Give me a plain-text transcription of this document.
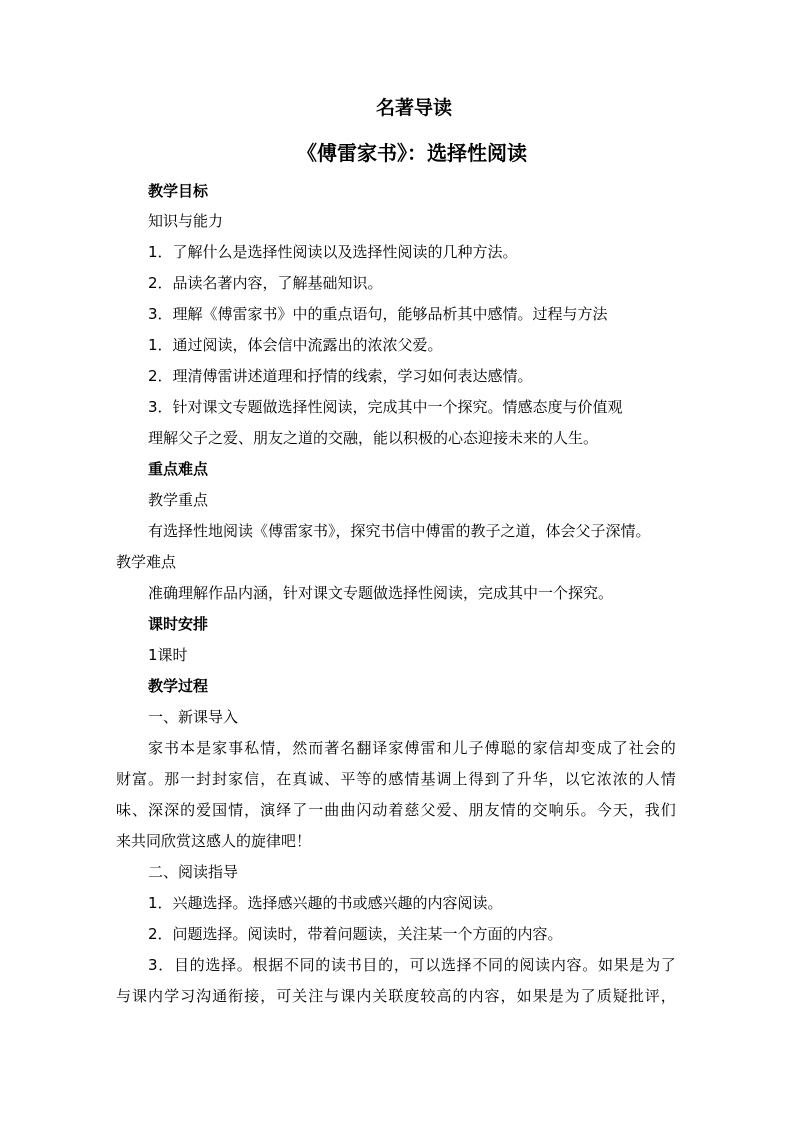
名著导读
《傅雷家书》：选择性阅读
教学目标
知识与能力
1．了解什么是选择性阅读以及选择性阅读的几种方法。
2．品读名著内容，了解基础知识。
3．理解《傅雷家书》中的重点语句，能够品析其中感情。过程与方法
1．通过阅读，体会信中流露出的浓浓父爱。
2．理清傅雷讲述道理和抒情的线索，学习如何表达感情。
3．针对课文专题做选择性阅读，完成其中一个探究。情感态度与价值观
理解父子之爱、朋友之道的交融，能以积极的心态迎接未来的人生。
重点难点
教学重点
有选择性地阅读《傅雷家书》，探究书信中傅雷的教子之道，体会父子深情。
教学难点
准确理解作品内涵，针对课文专题做选择性阅读，完成其中一个探究。
课时安排
1课时
教学过程
一、新课导入
家书本是家事私情，然而著名翻译家傅雷和儿子傅聪的家信却变成了社会的
财富。那一封封家信，在真诚、平等的感情基调上得到了升华，以它浓浓的人情
味、深深的爱国情，演绎了一曲曲闪动着慈父爱、朋友情的交响乐。今天，我们
来共同欣赏这感人的旋律吧！
二、阅读指导
1．兴趣选择。选择感兴趣的书或感兴趣的内容阅读。
2．问题选择。阅读时，带着问题读，关注某一个方面的内容。
3．目的选择。根据不同的读书目的，可以选择不同的阅读内容。如果是为了
与课内学习沟通衔接，可关注与课内关联度较高的内容，如果是为了质疑批评，
